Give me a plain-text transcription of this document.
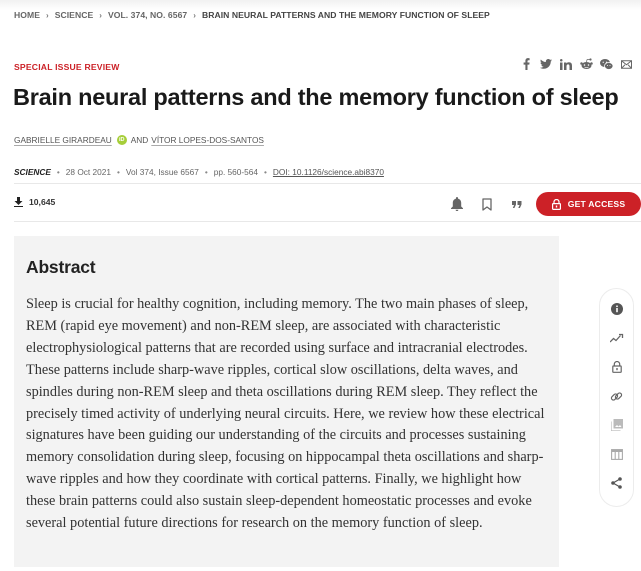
HOME › SCIENCE › VOL. 374, NO. 6567 › BRAIN NEURAL PATTERNS AND THE MEMORY FUNCTION OF SLEEP
SPECIAL ISSUE REVIEW
Brain neural patterns and the memory function of sleep
GABRIELLE GIRARDEAU	iD AND VÍTOR LOPES-DOS-SANTOS
SCIENCE • 28 Oct 2021 • Vol 374, Issue 6567 • pp. 560-564 • DOI: 10.1126/science.abi8370
10,645	GET ACCESS
Abstract

Sleep is crucial for healthy cognition, including memory. The two main phases of sleep, REM (rapid eye movement) and non-REM sleep, are associated with characteristic electrophysiological patterns that are recorded using surface and intracranial electrodes. These patterns include sharp-wave ripples, cortical slow oscillations, delta waves, and spindles during non-REM sleep and theta oscillations during REM sleep. They reflect the precisely timed activity of underlying neural circuits. Here, we review how these electrical signatures have been guiding our understanding of the circuits and processes sustaining memory consolidation during sleep, focusing on hippocampal theta oscillations and sharp-wave ripples and how they coordinate with cortical patterns. Finally, we highlight how these brain patterns could also sustain sleep-dependent homeostatic processes and evoke several potential future directions for research on the memory function of sleep.
